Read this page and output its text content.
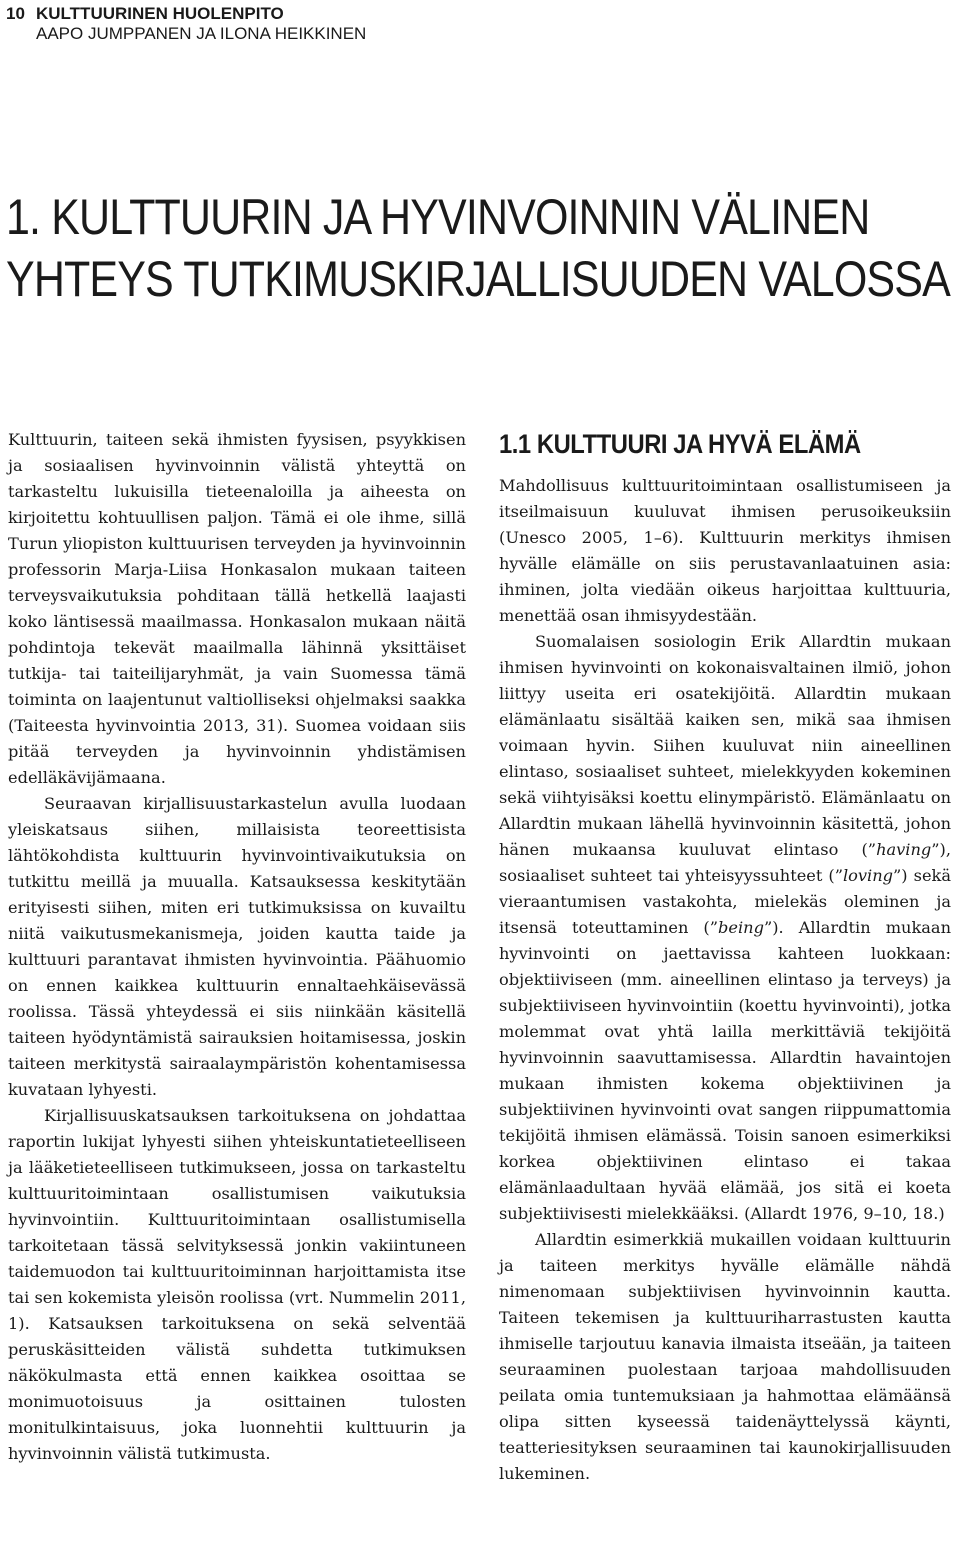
10 KULTTUURINEN HUOLENPITO
AAPO JUMPPANEN JA ILONA HEIKKINEN
1. KULTTUURIN JA HYVINVOINNIN VÄLINEN YHTEYS TUTKIMUSKIRJALLISUUDEN VALOSSA

Kulttuurin, taiteen sekä ihmisten fyysisen, psyykkisen ja sosiaalisen hyvinvoinnin välistä yhteyttä on tarkasteltu lukuisilla tieteenaloilla ja aiheesta on kirjoitettu kohtuullisen paljon. Tämä ei ole ihme, sillä Turun yliopiston kulttuurisen terveyden ja hyvinvoinnin professorin Marja-Liisa Honkasalon mukaan taiteen terveysvaikutuksia pohditaan tällä hetkellä laajasti koko läntisessä maailmassa. Honkasalon mukaan näitä pohdintoja tekevät maailmalla lähinnä yksittäiset tutkija- tai taiteilijaryhmät, ja vain Suomessa tämä toiminta on laajentunut valtiolliseksi ohjelmaksi saakka (Taiteesta hyvinvointia 2013, 31). Suomea voidaan siis pitää terveyden ja hyvinvoinnin yhdistämisen edelläkävijämaana.

Seuraavan kirjallisuustarkastelun avulla luodaan yleiskatsaus siihen, millaisista teoreettisista lähtökohdista kulttuurin hyvinvointivaikutuksia on tutkittu meillä ja muualla. Katsauksessa keskitytään erityisesti siihen, miten eri tutkimuksissa on kuvailtu niitä vaikutusmekanismeja, joiden kautta taide ja kulttuuri parantavat ihmisten hyvinvointia. Päähuomio on ennen kaikkea kulttuurin ennaltaehkäisevässä roolissa. Tässä yhteydessä ei siis niinkään käsitellä taiteen hyödyntämistä sairauksien hoitamisessa, joskin taiteen merkitystä sairaalaympäristön kohentamisessa kuvataan lyhyesti.

Kirjallisuuskatsauksen tarkoituksena on johdattaa raportin lukijat lyhyesti siihen yhteiskuntatieteelliseen ja lääketieteelliseen tutkimukseen, jossa on tarkasteltu kulttuuritoimintaan osallistumisen vaikutuksia hyvinvointiin. Kulttuuritoimintaan osallistumisella tarkoitetaan tässä selvityksessä jonkin vakiintuneen taidemuodon tai kulttuuritoiminnan harjoittamista itse tai sen kokemista yleisön roolissa (vrt. Nummelin 2011, 1). Katsauksen tarkoituksena on sekä selventää peruskäsitteiden välistä suhdetta tutkimuksen näkökulmasta että ennen kaikkea osoittaa se monimuotoisuus ja osittainen tulosten monitulkintaisuus, joka luonnehtii kulttuurin ja hyvinvoinnin välistä tutkimusta.

1.1 KULTTUURI JA HYVÄ ELÄMÄ

Mahdollisuus kulttuuritoimintaan osallistumiseen ja itseilmaisuun kuuluvat ihmisen perusoikeuksiin (Unesco 2005, 1–6). Kulttuurin merkitys ihmisen hyvälle elämälle on siis perustavanlaatuinen asia: ihminen, jolta viedään oikeus harjoittaa kulttuuria, menettää osan ihmisyydestään.

Suomalaisen sosiologin Erik Allardtin mukaan ihmisen hyvinvointi on kokonaisvaltainen ilmiö, johon liittyy useita eri osatekijöitä. Allardtin mukaan elämänlaatu sisältää kaiken sen, mikä saa ihmisen voimaan hyvin. Siihen kuuluvat niin aineellinen elintaso, sosiaaliset suhteet, mielekkyyden kokeminen sekä viihtyisäksi koettu elinympäristö. Elämänlaatu on Allardtin mukaan lähellä hyvinvoinnin käsitettä, johon hänen mukaansa kuuluvat elintaso (”having”), sosiaaliset suhteet tai yhteisyyssuhteet (”loving”) sekä vieraantumisen vastakohta, mielekäs oleminen ja itsensä toteuttaminen (”being”). Allardtin mukaan hyvinvointi on jaettavissa kahteen luokkaan: objektiiviseen (mm. aineellinen elintaso ja terveys) ja subjektiiviseen hyvinvointiin (koettu hyvinvointi), jotka molemmat ovat yhtä lailla merkittäviä tekijöitä hyvinvoinnin saavuttamisessa. Allardtin havaintojen mukaan ihmisten kokema objektiivinen ja subjektiivinen hyvinvointi ovat sangen riippumattomia tekijöitä ihmisen elämässä. Toisin sanoen esimerkiksi korkea objektiivinen elintaso ei takaa elämänlaadultaan hyvää elämää, jos sitä ei koeta subjektiivisesti mielekkääksi. (Allardt 1976, 9–10, 18.)

Allardtin esimerkkiä mukaillen voidaan kulttuurin ja taiteen merkitys hyvälle elämälle nähdä nimenomaan subjektiivisen hyvinvoinnin kautta. Taiteen tekemisen ja kulttuuriharrastusten kautta ihmiselle tarjoutuu kanavia ilmaista itseään, ja taiteen seuraaminen puolestaan tarjoaa mahdollisuuden peilata omia tuntemuksiaan ja hahmottaa elämäänsä olipa sitten kyseessä taidenäyttelyssä käynti, teatteriesityksen seuraaminen tai kaunokirjallisuuden lukeminen.
